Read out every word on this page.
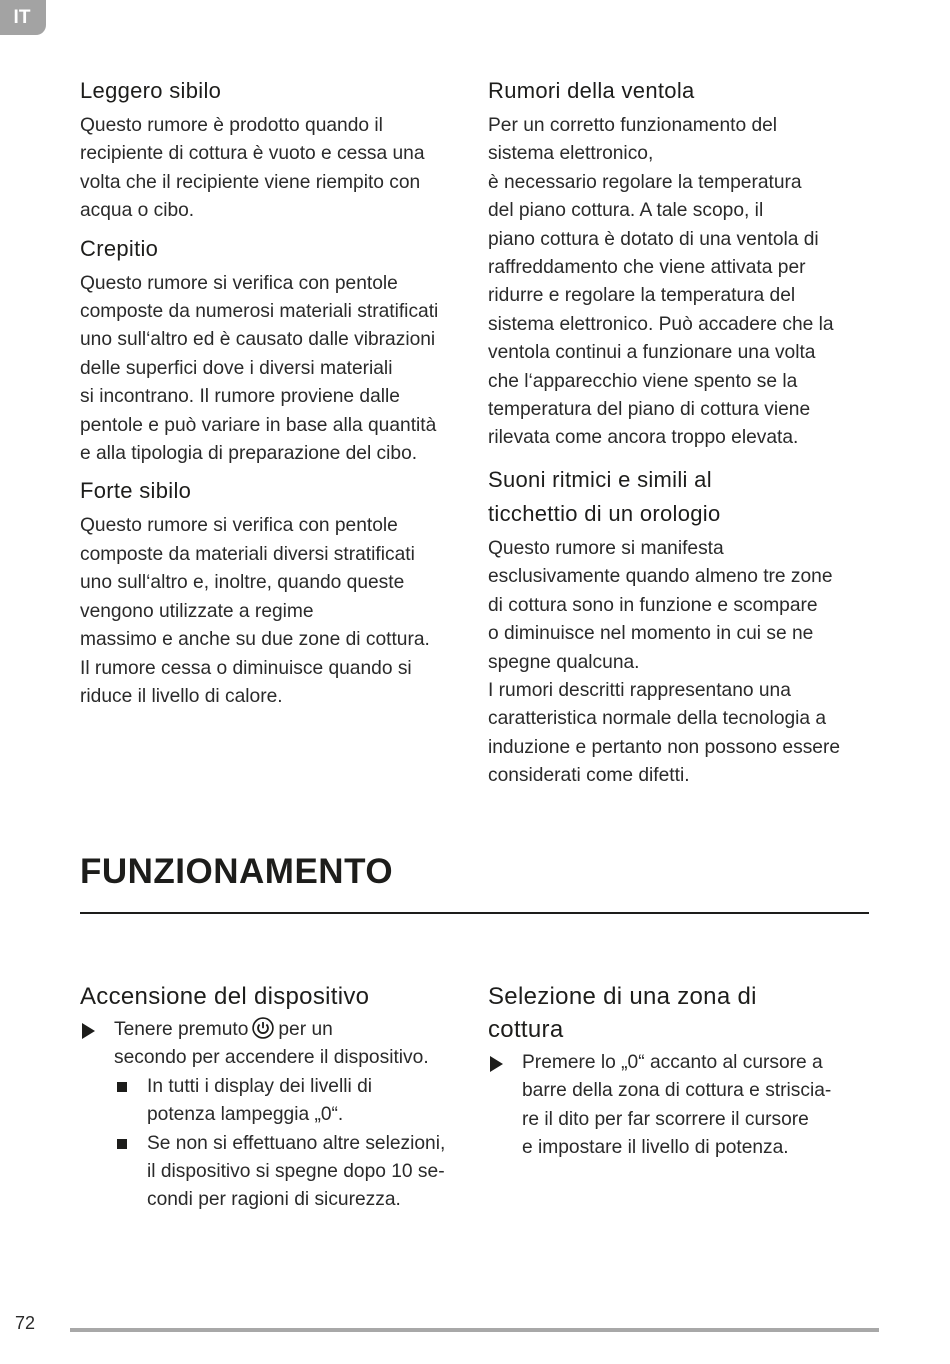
IT
Leggero sibilo

Questo rumore è prodotto quando il
recipiente di cottura è vuoto e cessa una
volta che il recipiente viene riempito con
acqua o cibo.

Crepitio

Questo rumore si verifica con pentole
composte da numerosi materiali stratificati
uno sull‘altro ed è causato dalle vibrazioni
delle superfici dove i diversi materiali
si incontrano. Il rumore proviene dalle
pentole e può variare in base alla quantità
e alla tipologia di preparazione del cibo.

Forte sibilo

Questo rumore si verifica con pentole
composte da materiali diversi stratificati
uno sull‘altro e, inoltre, quando queste
vengono utilizzate a regime
massimo e anche su due zone di cottura.
Il rumore cessa o diminuisce quando si
riduce il livello di calore.

Rumori della ventola

Per un corretto funzionamento del
sistema elettronico,
è necessario regolare la temperatura
del piano cottura. A tale scopo, il
piano cottura è dotato di una ventola di
raffreddamento che viene attivata per
ridurre e regolare la temperatura del
sistema elettronico. Può accadere che la
ventola continui a funzionare una volta
che l‘apparecchio viene spento se la
temperatura del piano di cottura viene
rilevata come ancora troppo elevata.

Suoni ritmici e simili al
ticchettio di un orologio

Questo rumore si manifesta
esclusivamente quando almeno tre zone
di cottura sono in funzione e scompare
o diminuisce nel momento in cui se ne
spegne qualcuna.
I rumori descritti rappresentano una
caratteristica normale della tecnologia a
induzione e pertanto non possono essere
considerati come difetti.

FUNZIONAMENTO
Accensione del dispositivo

Tenere premuto per un
secondo per accendere il dispositivo.

In tutti i display dei livelli di
potenza lampeggia „0“.

Se non si effettuano altre selezioni,
il dispositivo si spegne dopo 10 se-
condi per ragioni di sicurezza.

Selezione di una zona di
cottura

Premere lo „0“ accanto al cursore a
barre della zona di cottura e striscia-
re il dito per far scorrere il cursore
e impostare il livello di potenza.

72
